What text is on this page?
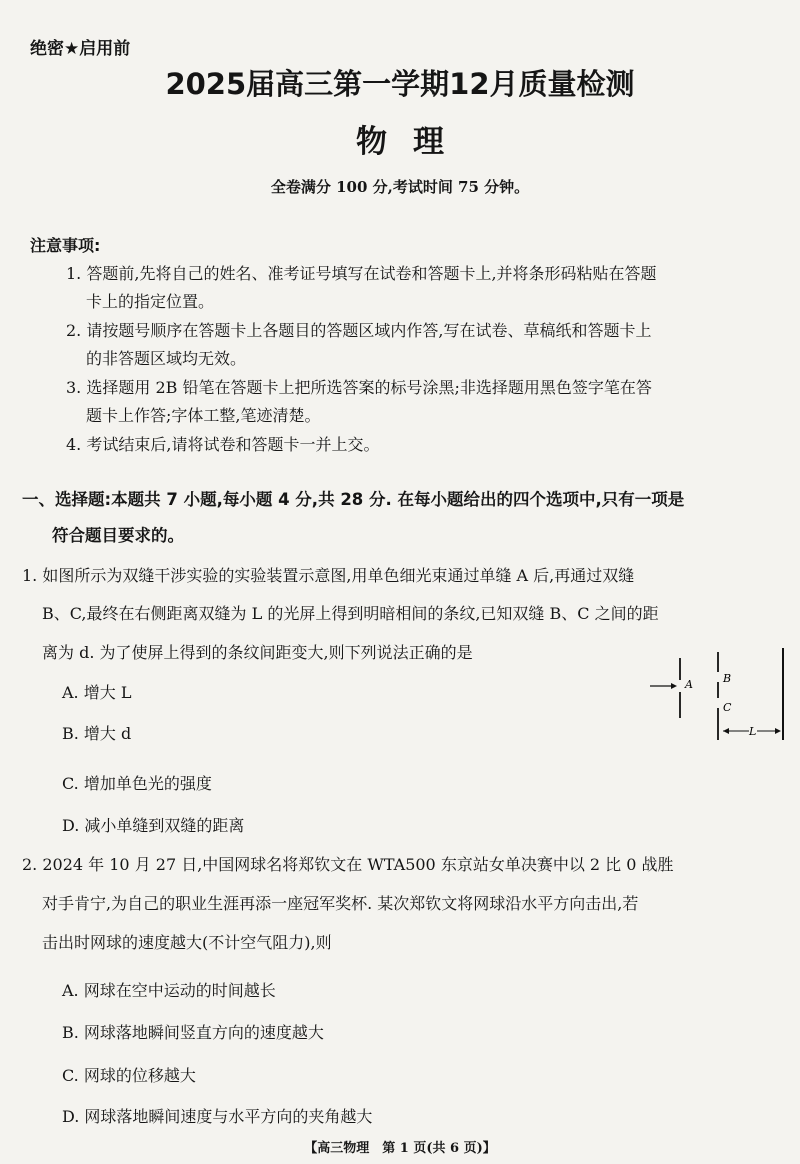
绝密★启用前
2025届高三第一学期12月质量检测
物理
全卷满分 100 分,考试时间 75 分钟。
注意事项:
1. 答题前,先将自己的姓名、准考证号填写在试卷和答题卡上,并将条形码粘贴在答题
卡上的指定位置。
2. 请按题号顺序在答题卡上各题目的答题区域内作答,写在试卷、草稿纸和答题卡上
的非答题区域均无效。
3. 选择题用 2B 铅笔在答题卡上把所选答案的标号涂黑;非选择题用黑色签字笔在答
题卡上作答;字体工整,笔迹清楚。
4. 考试结束后,请将试卷和答题卡一并上交。
一、选择题:本题共 7 小题,每小题 4 分,共 28 分. 在每小题给出的四个选项中,只有一项是
符合题目要求的。
1. 如图所示为双缝干涉实验的实验装置示意图,用单色细光束通过单缝 A 后,再通过双缝
B、C,最终在右侧距离双缝为 L 的光屏上得到明暗相间的条纹,已知双缝 B、C 之间的距
离为 d. 为了使屏上得到的条纹间距变大,则下列说法正确的是
A. 增大 L
B. 增大 d
C. 增加单色光的强度
D. 减小单缝到双缝的距离
A	B
C
L
2. 2024 年 10 月 27 日,中国网球名将郑钦文在 WTA500 东京站女单决赛中以 2 比 0 战胜
对手肯宁,为自己的职业生涯再添一座冠军奖杯. 某次郑钦文将网球沿水平方向击出,若
击出时网球的速度越大(不计空气阻力),则
A. 网球在空中运动的时间越长
B. 网球落地瞬间竖直方向的速度越大
C. 网球的位移越大
D. 网球落地瞬间速度与水平方向的夹角越大
【高三物理　第 1 页(共 6 页)】
